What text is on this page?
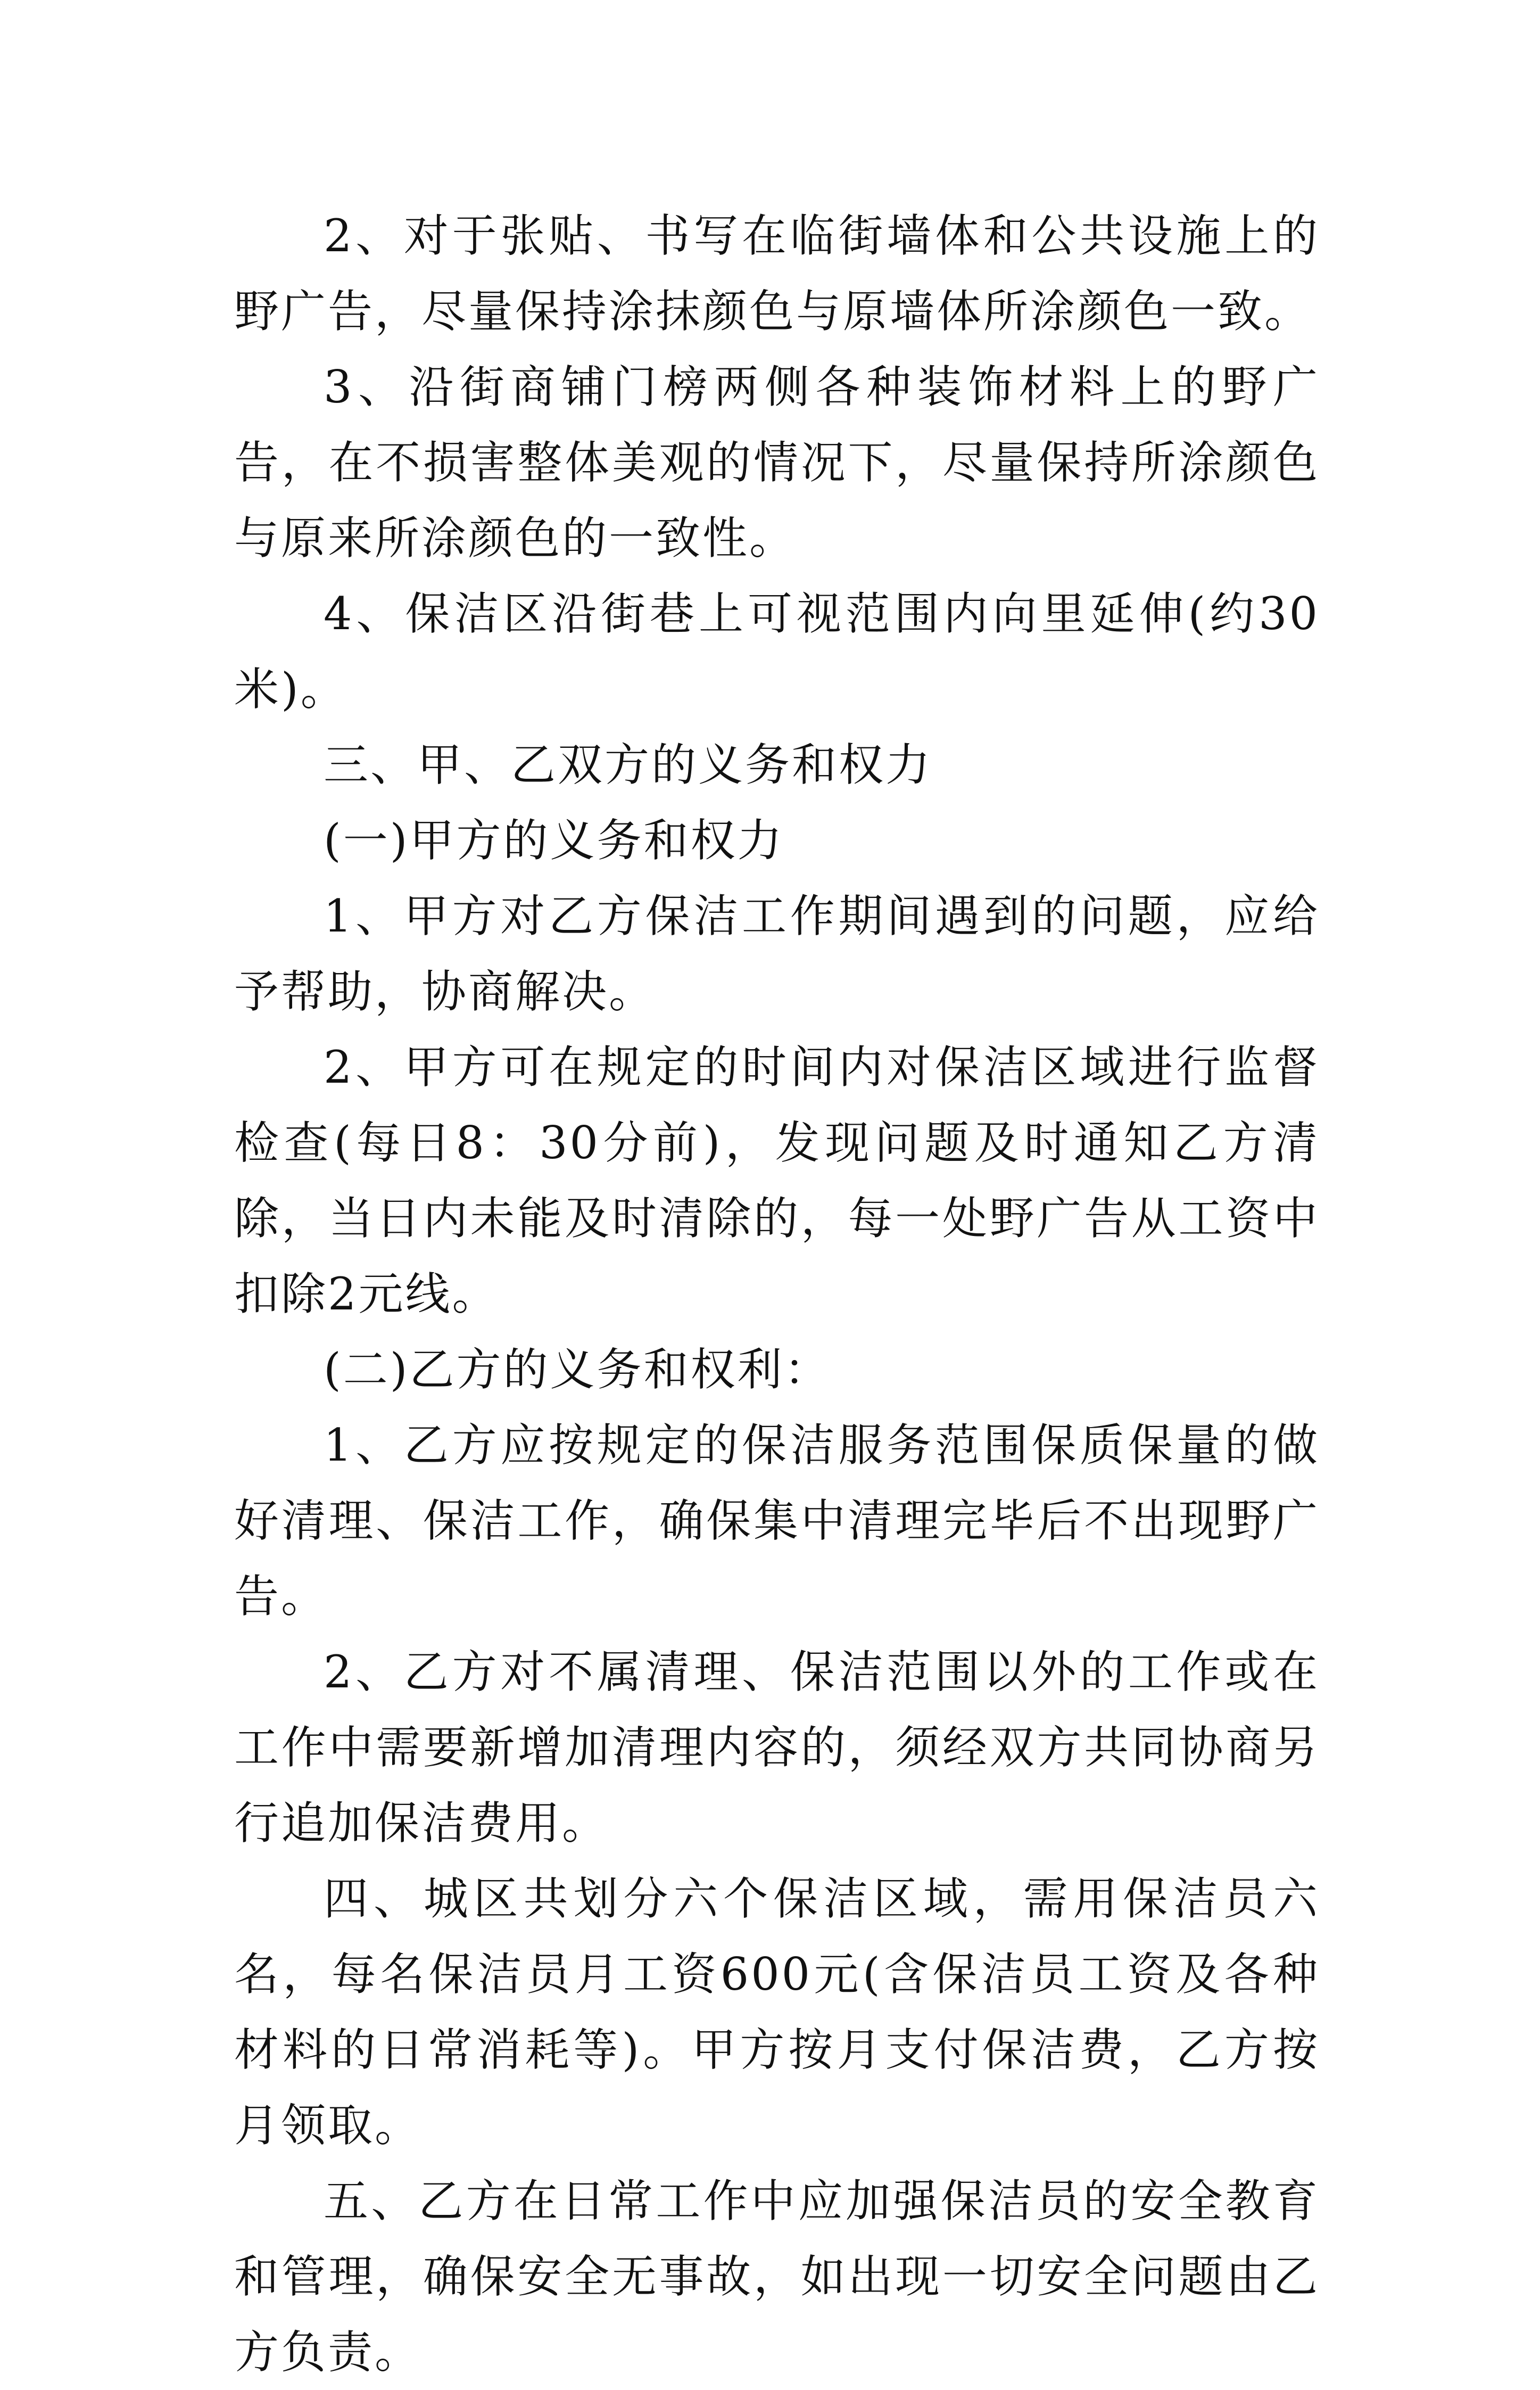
2、对于张贴、书写在临街墙体和公共设施上的野广告，尽量保持涂抹颜色与原墙体所涂颜色一致。

3、沿街商铺门榜两侧各种装饰材料上的野广告，在不损害整体美观的情况下，尽量保持所涂颜色与原来所涂颜色的一致性。

4、保洁区沿街巷上可视范围内向里延伸(约30米)。

三、甲、乙双方的义务和权力

(一)甲方的义务和权力

1、甲方对乙方保洁工作期间遇到的问题，应给予帮助，协商解决。

2、甲方可在规定的时间内对保洁区域进行监督检查(每日8：30分前)，发现问题及时通知乙方清除，当日内未能及时清除的，每一处野广告从工资中扣除2元线。

(二)乙方的义务和权利：

1、乙方应按规定的保洁服务范围保质保量的做好清理、保洁工作，确保集中清理完毕后不出现野广告。

2、乙方对不属清理、保洁范围以外的工作或在工作中需要新增加清理内容的，须经双方共同协商另行追加保洁费用。

四、城区共划分六个保洁区域，需用保洁员六名，每名保洁员月工资600元(含保洁员工资及各种材料的日常消耗等)。甲方按月支付保洁费，乙方按月领取。

五、乙方在日常工作中应加强保洁员的安全教育和管理，确保安全无事故，如出现一切安全问题由乙方负责。
